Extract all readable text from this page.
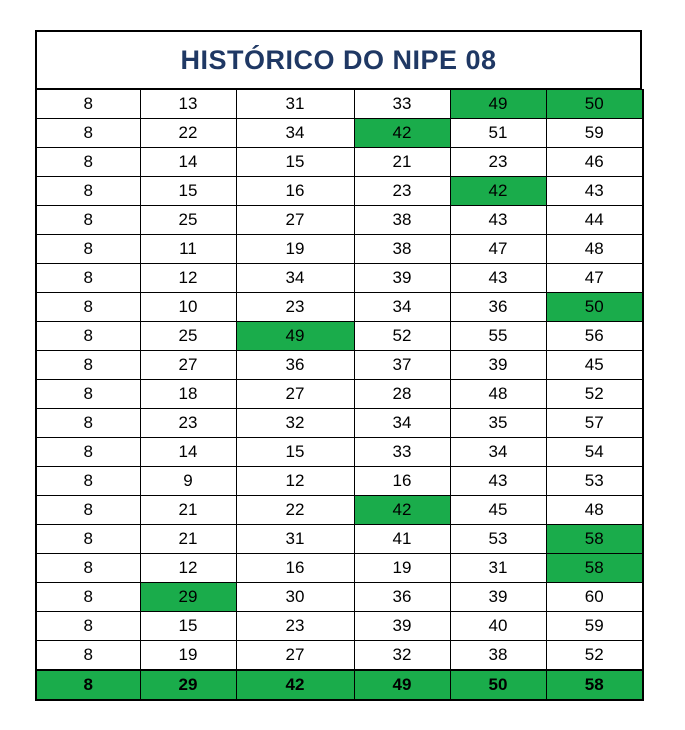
HISTÓRICO DO NIPE 08
8	13	31	33	49	50
8	22	34	42	51	59
8	14	15	21	23	46
8	15	16	23	42	43
8	25	27	38	43	44
8	11	19	38	47	48
8	12	34	39	43	47
8	10	23	34	36	50
8	25	49	52	55	56
8	27	36	37	39	45
8	18	27	28	48	52
8	23	32	34	35	57
8	14	15	33	34	54
8	9	12	16	43	53
8	21	22	42	45	48
8	21	31	41	53	58
8	12	16	19	31	58
8	29	30	36	39	60
8	15	23	39	40	59
8	19	27	32	38	52
8	29	42	49	50	58
